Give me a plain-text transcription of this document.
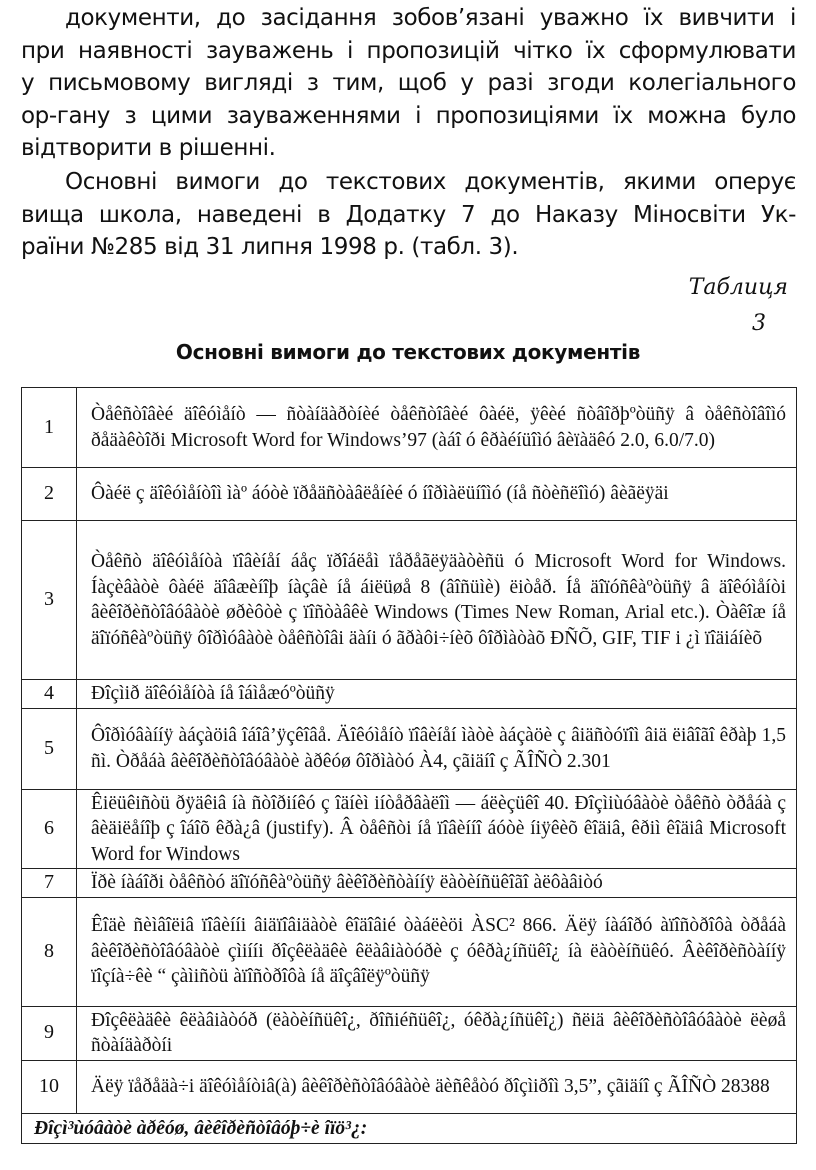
документи, до засідання зобов’язані уважно їх вивчити і
при наявності зауважень і пропозицій чітко їх сформулювати
у письмовому вигляді з тим, щоб у разі згоди колегіального
ор-гану з цими зауваженнями і пропозиціями їх можна було
відтворити в рішенні.
Основні вимоги до текстових документів, якими оперує
вища школа, наведені в Додатку 7 до Наказу Міносвіти Ук-
раїни №285 від 31 липня 1998 р. (табл. 3).
Таблиця
3
Основні вимоги до текстових документів
1	Òåêñòîâèé äîêóìåíò — ñòàíäàðòíèé òåêñòîâèé ôàéë, ÿêèé ñòâîðþºòüñÿ â òåêñòîâîìó ðåäàêòîði Microsoft Word for Windows’97 (àáî ó êðàéíüîìó âèïàäêó 2.0, 6.0/7.0)
2	Ôàéë ç äîêóìåíòîì ìàº áóòè ïðåäñòàâëåíèé ó íîðìàëüíîìó (íå ñòèñëîìó) âèãëÿäi
3	Òåêñò äîêóìåíòà ïîâèíåí áåç ïðîáëåì ïåðåãëÿäàòèñü ó Microsoft Word for Windows. Íàçèâàòè ôàéë äîâæèíîþ íàçâè íå áiëüøå 8 (âîñüìè) ëiòåð. Íå äîïóñêàºòüñÿ â äîêóìåíòi âèêîðèñòîâóâàòè øðèôòè ç ïîñòàâêè Windows (Times New Roman, Arial etc.). Òàêîæ íå äîïóñêàºòüñÿ ôîðìóâàòè òåêñòîâi äàíi ó ãðàôi÷íèõ ôîðìàòàõ ÐÑÕ, GIF, TIF i ¿ì ïîäiáíèõ
4	Ðîçìið äîêóìåíòà íå îáìåæóºòüñÿ
5	Ôîðìóâàííÿ àáçàöiâ îáîâ’ÿçêîâå. Äîêóìåíò ïîâèíåí ìàòè àáçàöè ç âiäñòóïîì âiä ëiâîãî êðàþ 1,5 ñì. Òðåáà âèêîðèñòîâóâàòè àðêóø ôîðìàòó À4, çãiäíî ç ÃÎÑÒ 2.301
6	Êiëüêiñòü ðÿäêiâ íà ñòîðiíêó ç îäíèì iíòåðâàëîì — áëèçüêî 40. Ðîçìiùóâàòè òåêñò òðåáà ç âèäiëåíîþ ç îáîõ êðà¿â (justify). Â òåêñòi íå ïîâèííî áóòè íiÿêèõ êîäiâ, êðiì êîäiâ Microsoft Word for Windows
7	Ïðè íàáîði òåêñòó äîïóñêàºòüñÿ âèêîðèñòàííÿ ëàòèíñüêîãî àëôàâiòó
8	Êîäè ñèìâîëiâ ïîâèííi âiäïîâiäàòè êîäîâié òàáëèöi ÀSC² 866. Äëÿ íàáîðó àïîñòðîôà òðåáà âèêîðèñòîâóâàòè çìiííi ðîçêëàäêè êëàâiàòóðè ç óêðà¿íñüêî¿ íà ëàòèíñüêó. Âèêîðèñòàííÿ ïîçíà÷êè “ çàìiñòü àïîñòðîôà íå äîçâîëÿºòüñÿ
9	Ðîçêëàäêè êëàâiàòóð (ëàòèíñüêî¿, ðîñiéñüêî¿, óêðà¿íñüêî¿) ñëiä âèêîðèñòîâóâàòè ëèøå ñòàíäàðòíi
10	Äëÿ ïåðåäà÷i äîêóìåíòiâ(à) âèêîðèñòîâóâàòè äèñêåòó ðîçìiðîì 3,5”, çãiäíî ç ÃÎÑÒ 28388
Ðîçì³ùóâàòè àðêóø, âèêîðèñòîâóþ÷è îïö³¿:	
